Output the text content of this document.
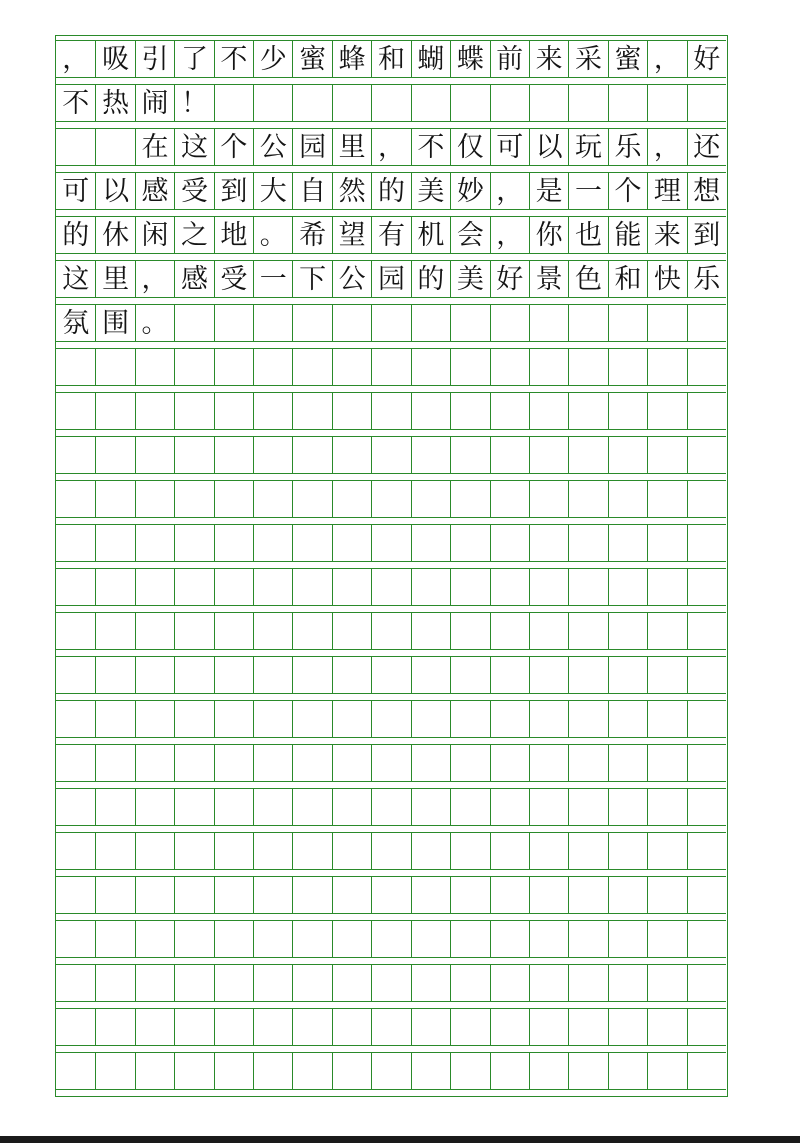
， 吸 引 了 不 少 蜜 蜂 和 蝴 蝶 前 来 采 蜜 ， 好
不 热 闹 ！
在 这 个 公 园 里 ， 不 仅 可 以 玩 乐 ， 还
可 以 感 受 到 大 自 然 的 美 妙 ， 是 一 个 理 想
的 休 闲 之 地 。 希 望 有 机 会 ， 你 也 能 来 到
这 里 ， 感 受 一 下 公 园 的 美 好 景 色 和 快 乐
氛 围 。
